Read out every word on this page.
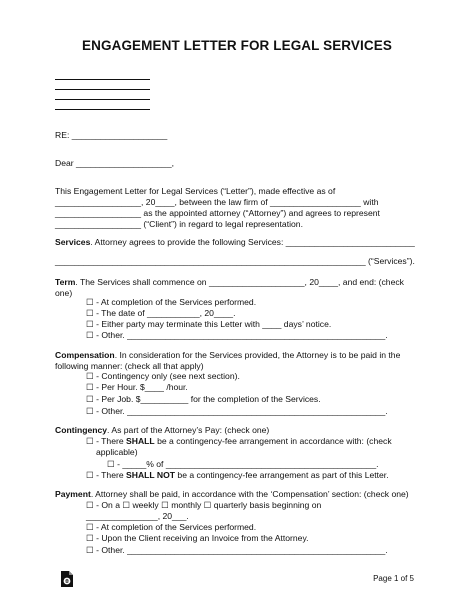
ENGAGEMENT LETTER FOR LEGAL SERVICES
RE: ____________________
Dear ____________________,
This Engagement Letter for Legal Services (“Letter”), made effective as of
__________________, 20____, between the law firm of ___________________ with
__________________ as the appointed attorney (“Attorney”) and agrees to represent
__________________ (“Client”) in regard to legal representation.
Services. Attorney agrees to provide the following Services: ___________________________
_________________________________________________________________ (“Services”).
Term. The Services shall commence on ____________________, 20____, and end: (check
one)
☐ - At completion of the Services performed.
☐ - The date of ___________, 20____.
☐ - Either party may terminate this Letter with ____ days’ notice.
☐ - Other. ______________________________________________________.
Compensation. In consideration for the Services provided, the Attorney is to be paid in the
following manner: (check all that apply)
☐ - Contingency only (see next section).
☐ - Per Hour. $____ /hour.
☐ - Per Job. $__________ for the completion of the Services.
☐ - Other. ______________________________________________________.
Contingency. As part of the Attorney’s Pay: (check one)
☐ - There SHALL be a contingency-fee arrangement in accordance with: (check
applicable)
☐ - _____% of ____________________________________________.
☐ - There SHALL NOT be a contingency-fee arrangement as part of this Letter.
Payment. Attorney shall be paid, in accordance with the ‘Compensation’ section: (check one)
☐ - On a ☐ weekly ☐ monthly ☐ quarterly basis beginning on
_______________, 20___.
☐ - At completion of the Services performed.
☐ - Upon the Client receiving an Invoice from the Attorney.
☐ - Other. ______________________________________________________.
Page 1 of 5
